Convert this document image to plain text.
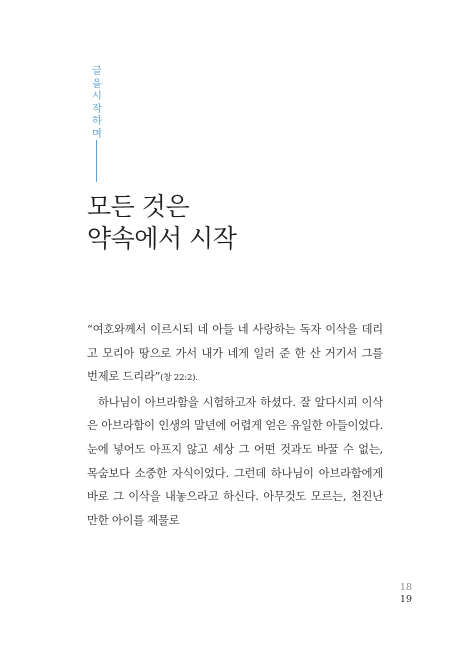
글을 시작하며
모든 것은
약속에서 시작

“여호와께서 이르시되 네 아들 네 사랑하는 독자 이삭을 데리고 모리아 땅으로 가서 내가 네게 일러 준 한 산 거기서 그를 번제로 드리라”(창 22:2).

하나님이 아브라함을 시험하고자 하셨다. 잘 알다시피 이삭은 아브라함이 인생의 말년에 어렵게 얻은 유일한 아들이었다. 눈에 넣어도 아프지 않고 세상 그 어떤 것과도 바꿀 수 없는, 목숨보다 소중한 자식이었다. 그런데 하나님이 아브라함에게 바로 그 이삭을 내놓으라고 하신다. 아무것도 모르는, 천진난만한 아이를 제물로

18
19
